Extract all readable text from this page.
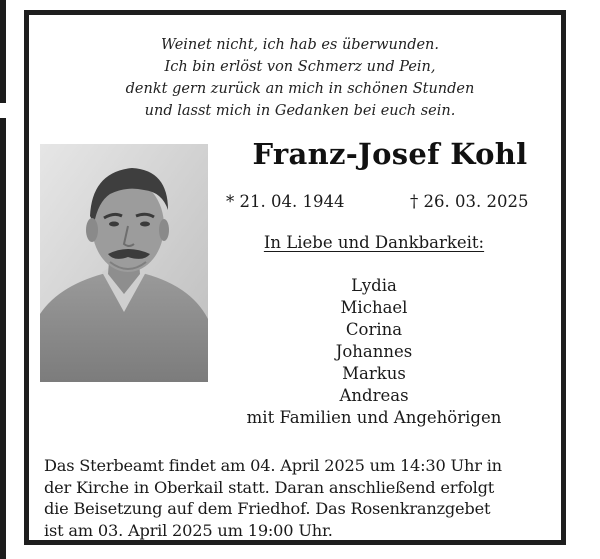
Weinet nicht, ich hab es überwunden.
Ich bin erlöst von Schmerz und Pein,
denkt gern zurück an mich in schönen Stunden
und lasst mich in Gedanken bei euch sein.
Franz-Josef Kohl
* 21. 04. 1944	† 26. 03. 2025
In Liebe und Dankbarkeit:
Lydia
Michael
Corina
Johannes
Markus
Andreas
mit Familien und Angehörigen
Das Sterbeamt findet am 04. April 2025 um 14:30 Uhr in
der Kirche in Oberkail statt. Daran anschließend erfolgt
die Beisetzung auf dem Friedhof. Das Rosenkranzgebet
ist am 03. April 2025 um 19:00 Uhr.
